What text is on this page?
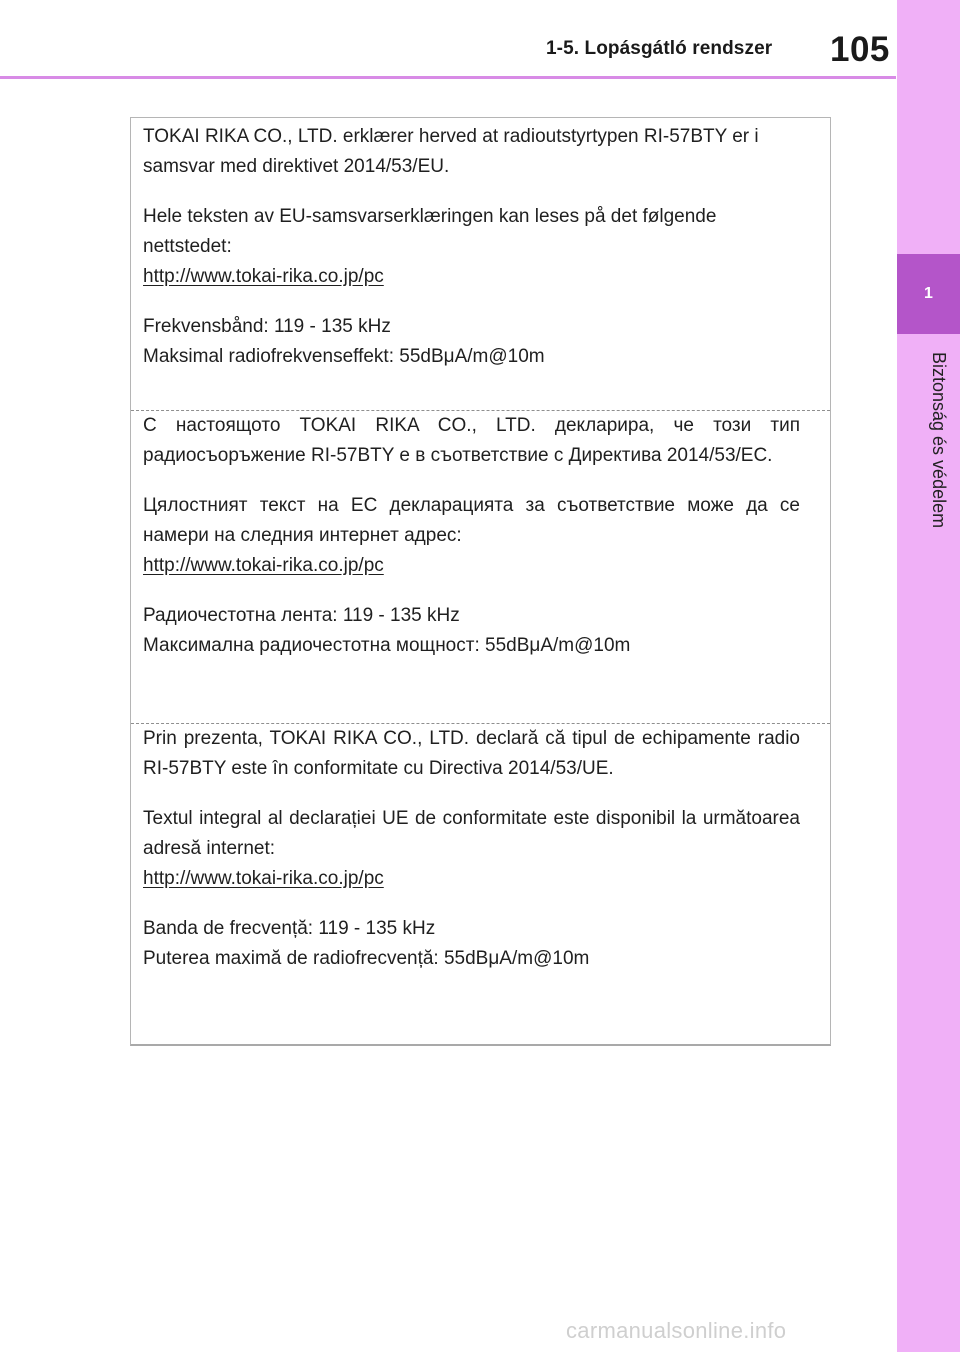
1-5. Lopásgátló rendszer 105
1
Biztonság és védelem

TOKAI RIKA CO., LTD. erklærer herved at radioutstyrtypen RI-57BTY er i samsvar med direktivet 2014/53/EU.

Hele teksten av EU-samsvarserklæringen kan leses på det følgende nettstedet:

http://www.tokai-rika.co.jp/pc

Frekvensbånd: 119 - 135 kHz

Maksimal radiofrekvenseffekt: 55dBμA/m@10m

С настоящото TOKAI RIKA CO., LTD. декларира, че този тип радиосъоръжение RI-57BTY е в съответствие с Директива 2014/53/ЕС.

Цялостният текст на ЕС декларацията за съответствие може да се намери на следния интернет адрес:

http://www.tokai-rika.co.jp/pc

Радиочестотна лента: 119 - 135 kHz

Максимална радиочестотна мощност: 55dBμA/m@10m

Prin prezenta, TOKAI RIKA CO., LTD. declară că tipul de echipamente radio RI-57BTY este în conformitate cu Directiva 2014/53/UE.

Textul integral al declarației UE de conformitate este disponibil la următoarea adresă internet:

http://www.tokai-rika.co.jp/pc

Banda de frecvență: 119 - 135 kHz

Puterea maximă de radiofrecvență: 55dBμA/m@10m

carmanualsonline.info
